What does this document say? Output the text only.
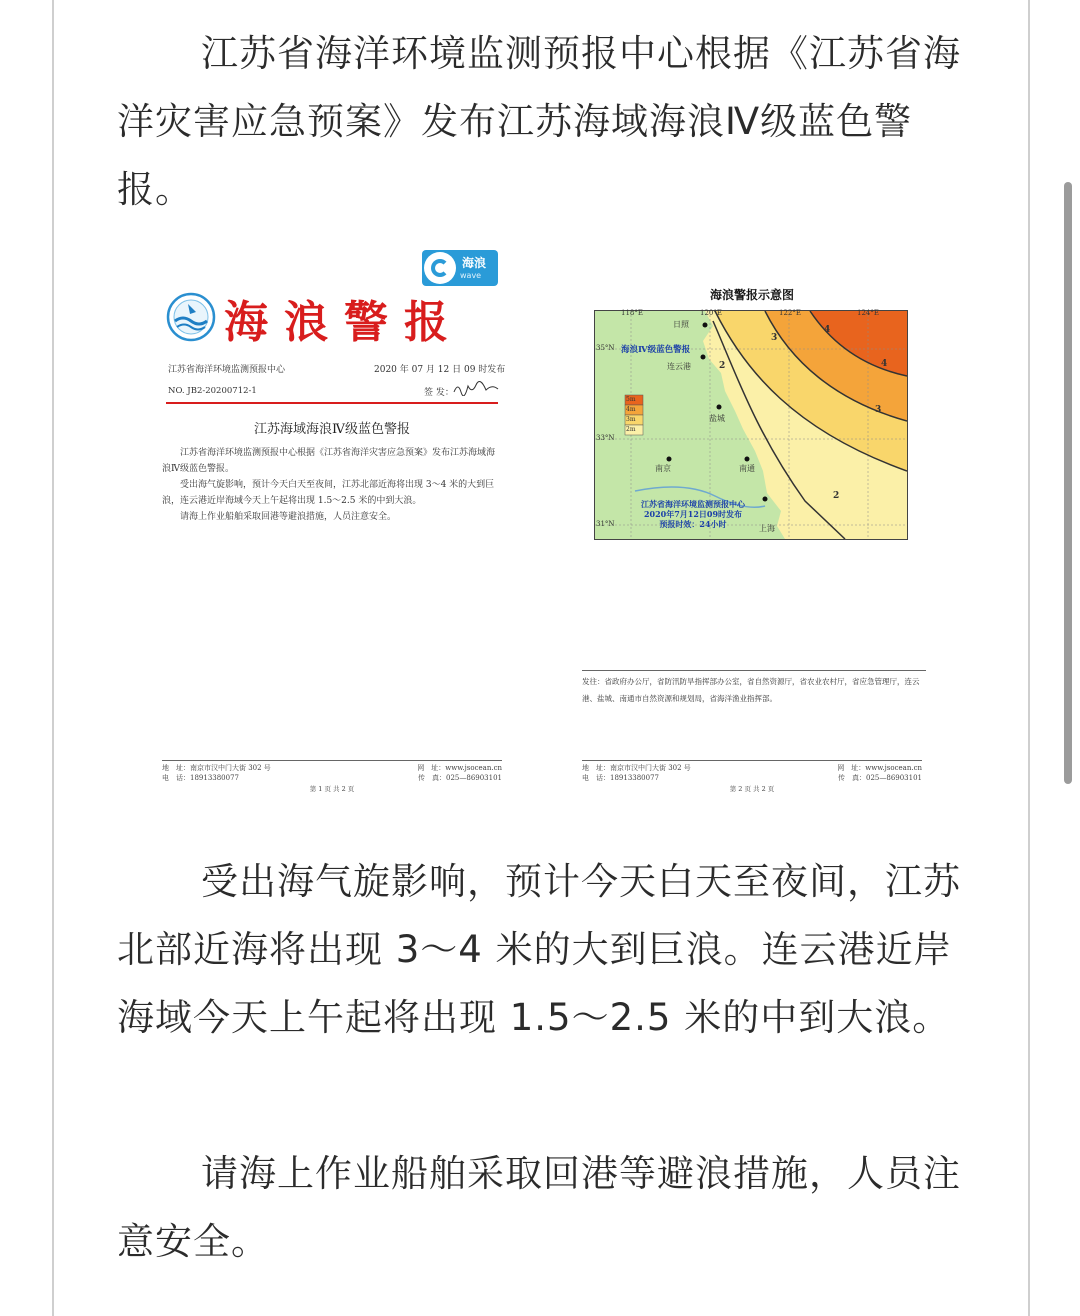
江苏省海洋环境监测预报中心根据《江苏省海洋灾害应急预案》发布江苏海域海浪Ⅳ级蓝色警报。

海浪警报
海浪
wave
江苏省海洋环境监测预报中心	2020 年 07 月 12 日 09 时发布
NO. JB2-20200712-1	签 发：
江苏海域海浪Ⅳ级蓝色警报

江苏省海洋环境监测预报中心根据《江苏省海洋灾害应急预案》发布江苏海域海浪Ⅳ级蓝色警报。

受出海气旋影响，预计今天白天至夜间，江苏北部近海将出现 3～4 米的大到巨浪，连云港近岸海域今天上午起将出现 1.5～2.5 米的中到大浪。

请海上作业船舶采取回港等避浪措施，人员注意安全。

地　址：南京市汉中门大街 302 号	网　址：www.jsocean.cn
电　话：18913380077	传　真：025—86903101
第 1 页 共 2 页
海浪警报示意图
118°E	120°E	122°E	124°E
35°N
33°N
31°N
日照
连云港
盐城
南京	南通
上海
海浪Ⅳ级蓝色警报
5m
4m
3m
2m
4
4
3
3
2
2
江苏省海洋环境监测预报中心
2020年7月12日09时发布
预报时效：24小时
发往：省政府办公厅，省防汛防旱指挥部办公室，省自然资源厅，省农业农村厅，省应急管理厅，连云港、盐城、南通市自然资源和规划局，省海洋渔业指挥部。
地　址：南京市汉中门大街 302 号	网　址：www.jsocean.cn
电　话：18913380077	传　真：025—86903101
第 2 页 共 2 页

受出海气旋影响，预计今天白天至夜间，江苏北部近海将出现 3～4 米的大到巨浪。连云港近岸海域今天上午起将出现 1.5～2.5 米的中到大浪。

请海上作业船舶采取回港等避浪措施，人员注意安全。
